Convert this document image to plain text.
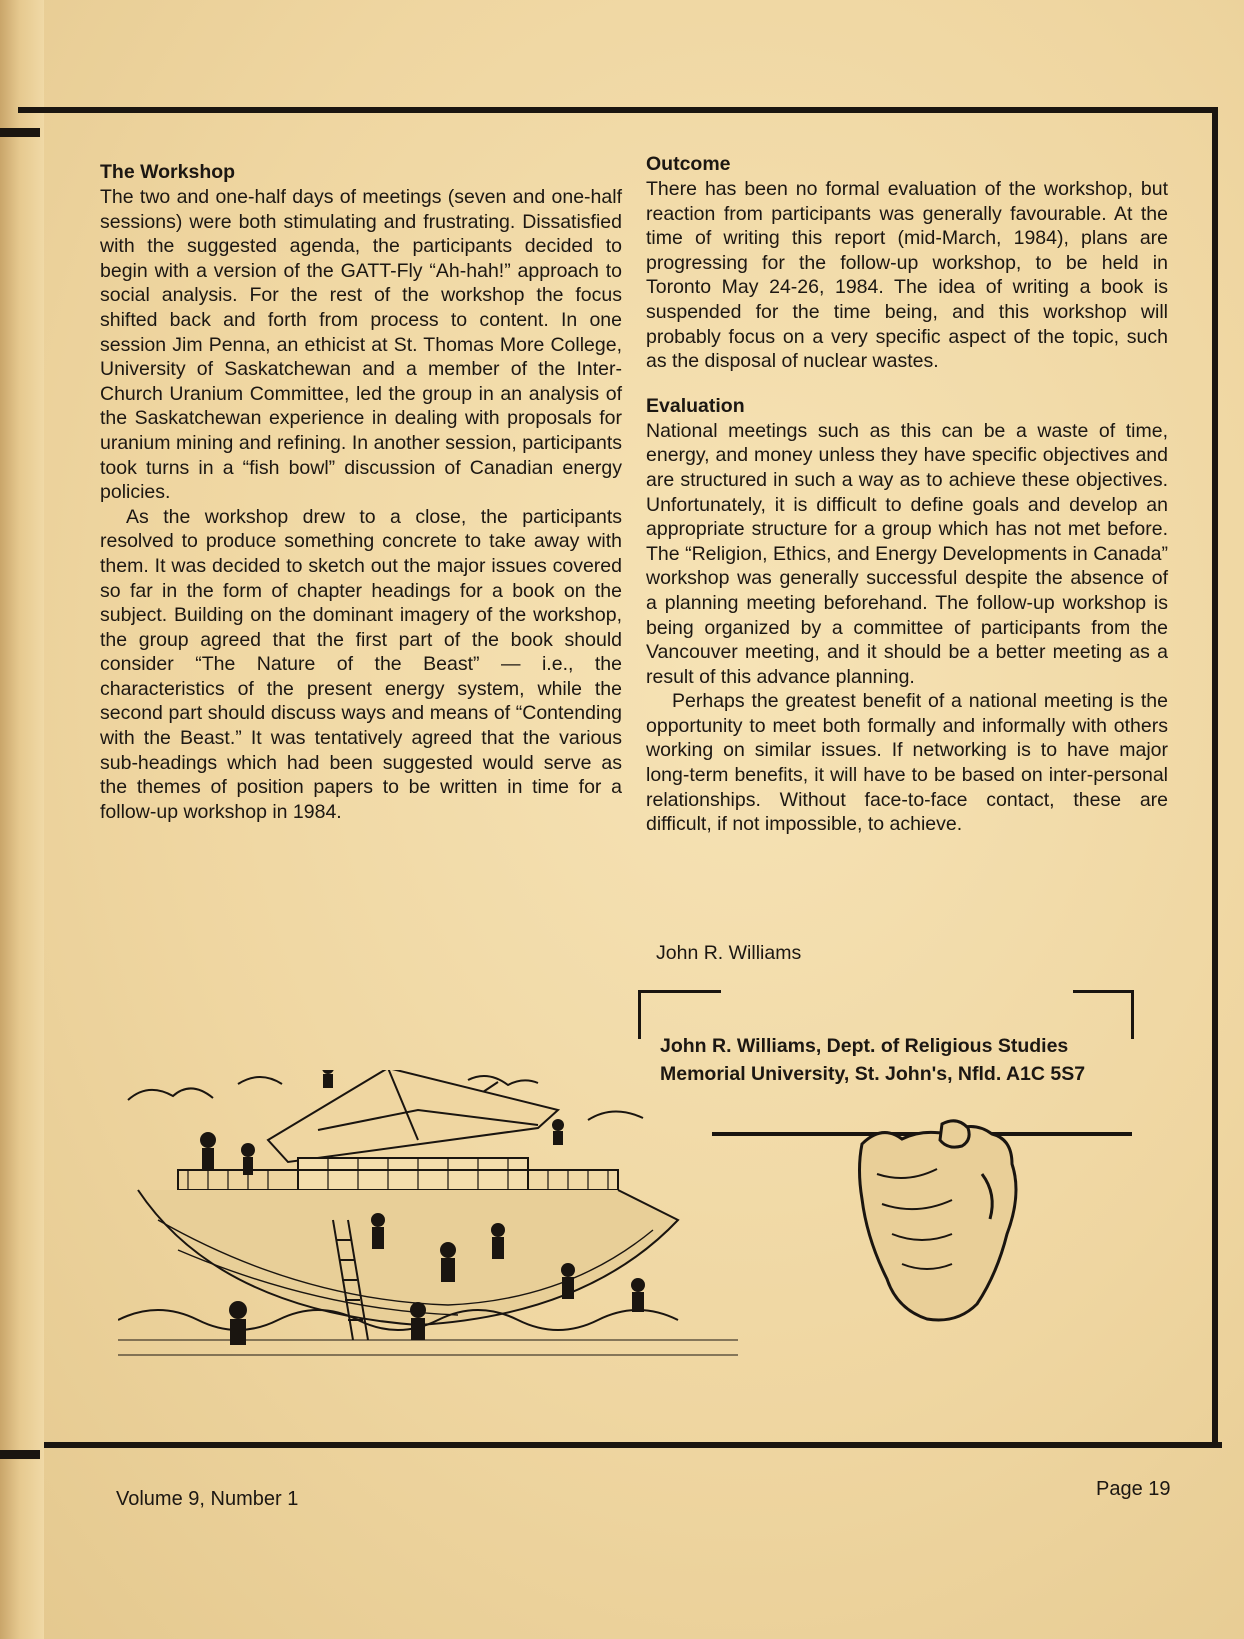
The Workshop

The two and one-half days of meetings (seven and one-half sessions) were both stimulating and frustrating. Dissatisfied with the suggested agenda, the participants decided to begin with a version of the GATT-Fly “Ah-hah!” approach to social analysis. For the rest of the workshop the focus shifted back and forth from process to content. In one session Jim Penna, an ethicist at St. Thomas More College, University of Saskatchewan and a member of the Inter-Church Uranium Committee, led the group in an analysis of the Saskatchewan experience in dealing with proposals for uranium mining and refining. In another session, participants took turns in a “fish bowl” discussion of Canadian energy policies.

As the workshop drew to a close, the participants resolved to produce something concrete to take away with them. It was decided to sketch out the major issues covered so far in the form of chapter headings for a book on the subject. Building on the dominant imagery of the workshop, the group agreed that the first part of the book should consider “The Nature of the Beast” — i.e., the characteristics of the present energy system, while the second part should discuss ways and means of “Contending with the Beast.” It was tentatively agreed that the various sub-headings which had been suggested would serve as the themes of position papers to be written in time for a follow-up workshop in 1984.

Outcome

There has been no formal evaluation of the workshop, but reaction from participants was generally favourable. At the time of writing this report (mid-March, 1984), plans are progressing for the follow-up workshop, to be held in Toronto May 24-26, 1984. The idea of writing a book is suspended for the time being, and this workshop will probably focus on a very specific aspect of the topic, such as the disposal of nuclear wastes.

Evaluation

National meetings such as this can be a waste of time, energy, and money unless they have specific objectives and are structured in such a way as to achieve these objectives. Unfortunately, it is difficult to define goals and develop an appropriate structure for a group which has not met before. The “Religion, Ethics, and Energy Developments in Canada” workshop was generally successful despite the absence of a planning meeting beforehand. The follow-up workshop is being organized by a committee of participants from the Vancouver meeting, and it should be a better meeting as a result of this advance planning.

Perhaps the greatest benefit of a national meeting is the opportunity to meet both formally and informally with others working on similar issues. If networking is to have major long-term benefits, it will have to be based on inter-personal relationships. Without face-to-face contact, these are difficult, if not impossible, to achieve.

John R. Williams
John R. Williams, Dept. of Religious Studies
Memorial University, St. John's, Nfld. A1C 5S7
Volume 9, Number 1	Page 19
